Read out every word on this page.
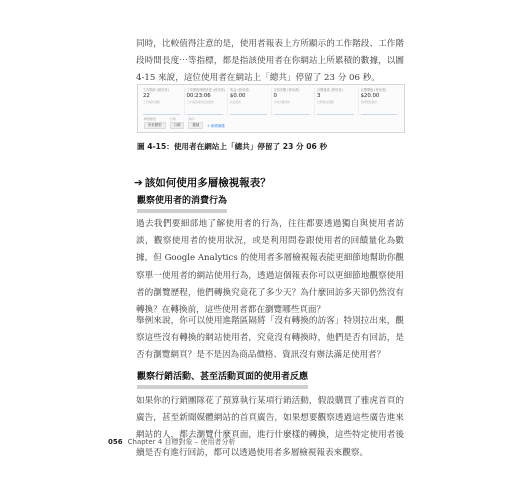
同時，比較值得注意的是，使用者報表上方所顯示的工作階段、工作階段時間長度⋯等指標，都是指該使用者在你網站上所累積的數據，以圖 4-15 來說，這位使用者在網站上「總共」停留了 23 分 06 秒。

工作階段 (使用者)
22
工作階段總數
工作階段時間長度 (使用者)
00:23:06
工作階段時間長度總計
收益 (使用者)
$0.00
收益總計
交易次數 (使用者)
0
交易次數總計
目標達成 (使用者)
3
目標達成總數
目標價值 (使用者)
$20.00
目標價值總計
篩選類型
所有類型
日期
日期
排序
遞減	+ 新增篩選

圖 4-15：使用者在網站上「總共」停留了 23 分 06 秒

➔ 該如何使用多層檢視報表？
觀察使用者的消費行為

過去我們要細部地了解使用者的行為，往往都要透過獨自與使用者訪談，觀察使用者的使用狀況，或是利用問卷跟使用者的回饋量化為數據，但 Google Analytics 的使用者多層檢視報表能更細節地幫助你觀察單一使用者的網站使用行為，透過這個報表你可以更細節地觀察使用者的瀏覽歷程，他們轉換究竟花了多少天？為什麼回訪多天卻仍然沒有轉換？在轉換前，這些使用者都在瀏覽哪些頁面？

舉例來說，你可以使用進階區隔將「沒有轉換的訪客」特別拉出來，觀察這些沒有轉換的網站使用者，究竟沒有轉換時，他們是否有回訪，是否有瀏覽網頁？是不是因為商品價格、資訊沒有辦法滿足使用者？

觀察行銷活動、甚至活動頁面的使用者反應

如果你的行銷團隊花了預算執行某項行銷活動，假設購買了雅虎首頁的廣告，甚至新聞媒體網站的首頁廣告，如果想要觀察透過這些廣告進來網站的人，都去瀏覽什麼頁面，進行什麼樣的轉換，這些特定使用者後續是否有進行回訪，都可以透過使用者多層檢視報表來觀察。

056 Chapter 4 目標對象 – 使用者分析
